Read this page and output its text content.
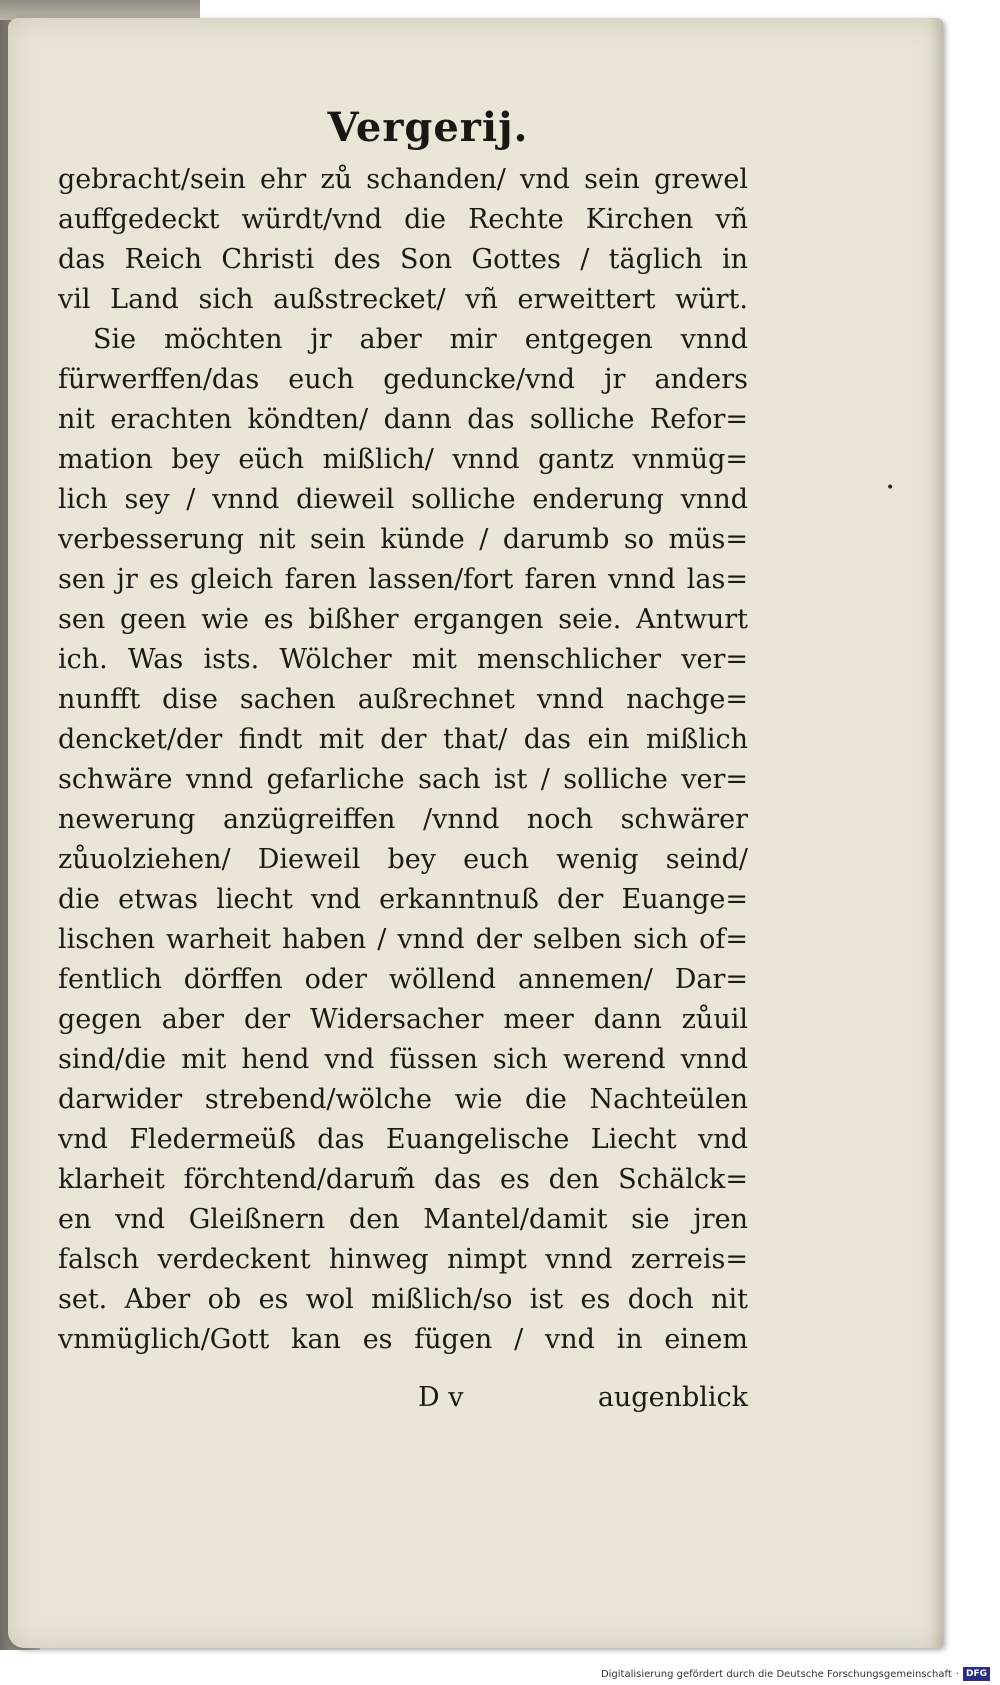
Vergerij.
gebracht/sein ehr zů schanden/ vnd sein grewel
auffgedeckt würdt/vnd die Rechte Kirchen vñ
das Reich Christi des Son Gottes / täglich in
vil Land sich außstrecket/ vñ erweittert würt.
Sie möchten jr aber mir entgegen vnnd
fürwerffen/das euch geduncke/vnd jr anders
nit erachten köndten/ dann das solliche Refor=
mation bey eüch mißlich/ vnnd gantz vnmüg=
lich sey / vnnd dieweil solliche enderung vnnd
verbesserung nit sein künde / darumb so müs=
sen jr es gleich faren lassen/fort faren vnnd las=
sen geen wie es bißher ergangen seie. Antwurt
ich. Was ists. Wölcher mit menschlicher ver=
nunfft dise sachen außrechnet vnnd nachge=
dencket/der findt mit der that/ das ein mißlich
schwäre vnnd gefarliche sach ist / solliche ver=
newerung anzügreiffen /vnnd noch schwärer
zůuolziehen/ Dieweil bey euch wenig seind/
die etwas liecht vnd erkanntnuß der Euange=
lischen warheit haben / vnnd der selben sich of=
fentlich dörffen oder wöllend annemen/ Dar=
gegen aber der Widersacher meer dann zůuil
sind/die mit hend vnd füssen sich werend vnnd
darwider strebend/wölche wie die Nachteülen
vnd Fledermeüß das Euangelische Liecht vnd
klarheit förchtend/darum̃ das es den Schälck=
en vnd Gleißnern den Mantel/damit sie jren
falsch verdeckent hinweg nimpt vnnd zerreis=
set. Aber ob es wol mißlich/so ist es doch nit
vnmüglich/Gott kan es fügen / vnd in einem
•
D v	augenblick
Digitalisierung gefördert durch die Deutsche Forschungsgemeinschaft · DFG
